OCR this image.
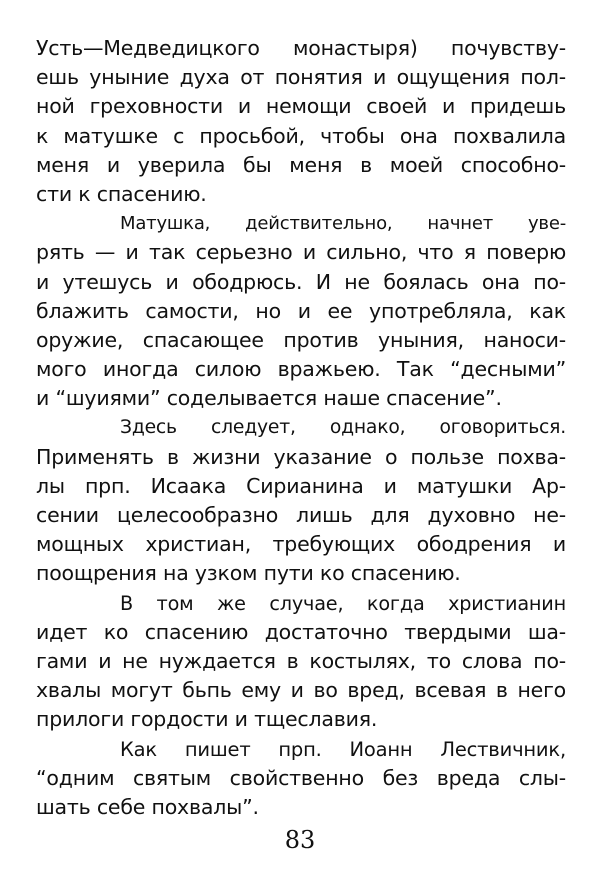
Усть—Медведицкого монастыря) почувству-
ешь уныние духа от понятия и ощущения пол-
ной греховности и немощи своей и придешь
к матушке с просьбой, чтобы она похвалила
меня и уверила бы меня в моей способно-
сти к спасению.
Матушка, действительно, начнет уве-
рять — и так серьезно и сильно, что я поверю
и утешусь и ободрюсь. И не боялась она по-
блажить самости, но и ее употребляла, как
оружие, спасающее против уныния, наноси-
мого иногда силою вражьею. Так “десными”
и “шуиями” соделывается наше спасение”.
Здесь следует, однако, оговориться.
Применять в жизни указание о пользе похва-
лы прп. Исаака Сирианина и матушки Ар-
сении целесообразно лишь для духовно не-
мощных христиан, требующих ободрения и
поощрения на узком пути ко спасению.
В том же случае, когда христианин
идет ко спасению достаточно твердыми ша-
гами и не нуждается в костылях, то слова по-
хвалы могут бьпь ему и во вред, всевая в него
прилоги гордости и тщеславия.
Как пишет прп. Иоанн Лествичник,
“одним святым свойственно без вреда слы-
шать себе похвалы”.
83
